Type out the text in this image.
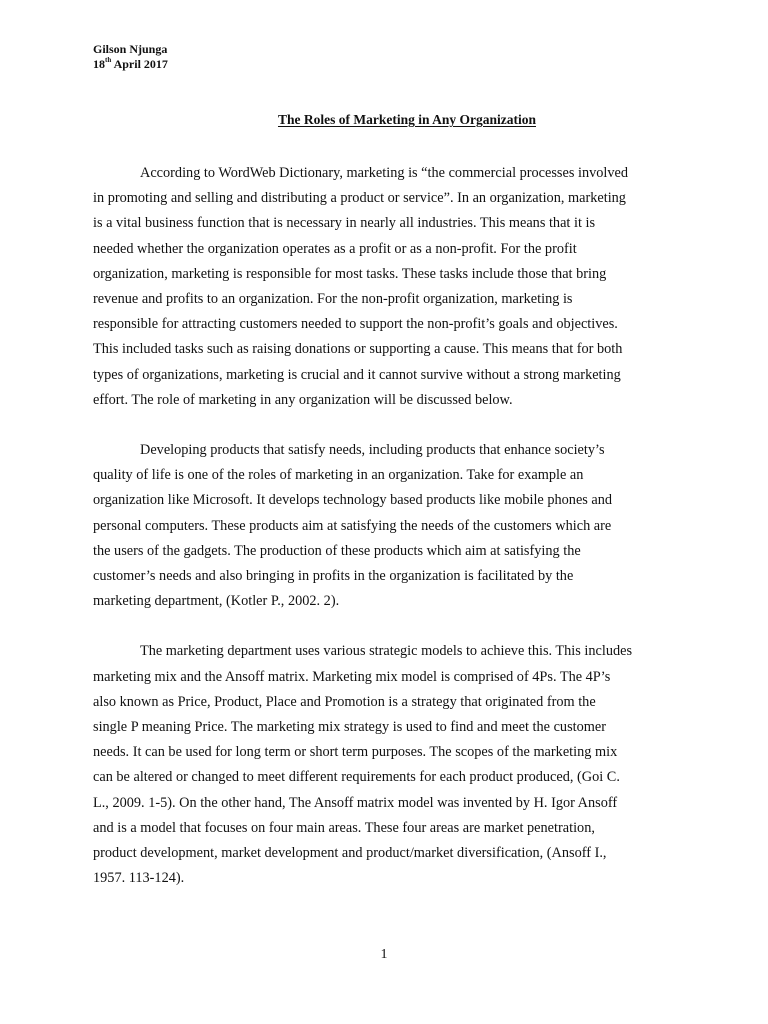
Gilson Njunga
18th April 2017
The Roles of Marketing in Any Organization

According to WordWeb Dictionary, marketing is “the commercial processes involved
in promoting and selling and distributing a product or service”. In an organization, marketing
is a vital business function that is necessary in nearly all industries. This means that it is
needed whether the organization operates as a profit or as a non-profit. For the profit
organization, marketing is responsible for most tasks. These tasks include those that bring
revenue and profits to an organization. For the non-profit organization, marketing is
responsible for attracting customers needed to support the non-profit’s goals and objectives.
This included tasks such as raising donations or supporting a cause. This means that for both
types of organizations, marketing is crucial and it cannot survive without a strong marketing
effort. The role of marketing in any organization will be discussed below.

Developing products that satisfy needs, including products that enhance society’s
quality of life is one of the roles of marketing in an organization. Take for example an
organization like Microsoft. It develops technology based products like mobile phones and
personal computers. These products aim at satisfying the needs of the customers which are
the users of the gadgets. The production of these products which aim at satisfying the
customer’s needs and also bringing in profits in the organization is facilitated by the
marketing department, (Kotler P., 2002. 2).

The marketing department uses various strategic models to achieve this. This includes
marketing mix and the Ansoff matrix. Marketing mix model is comprised of 4Ps. The 4P’s
also known as Price, Product, Place and Promotion is a strategy that originated from the
single P meaning Price. The marketing mix strategy is used to find and meet the customer
needs. It can be used for long term or short term purposes. The scopes of the marketing mix
can be altered or changed to meet different requirements for each product produced, (Goi C.
L., 2009. 1-5). On the other hand, The Ansoff matrix model was invented by H. Igor Ansoff
and is a model that focuses on four main areas. These four areas are market penetration,
product development, market development and product/market diversification, (Ansoff I.,
1957. 113-124).

1
